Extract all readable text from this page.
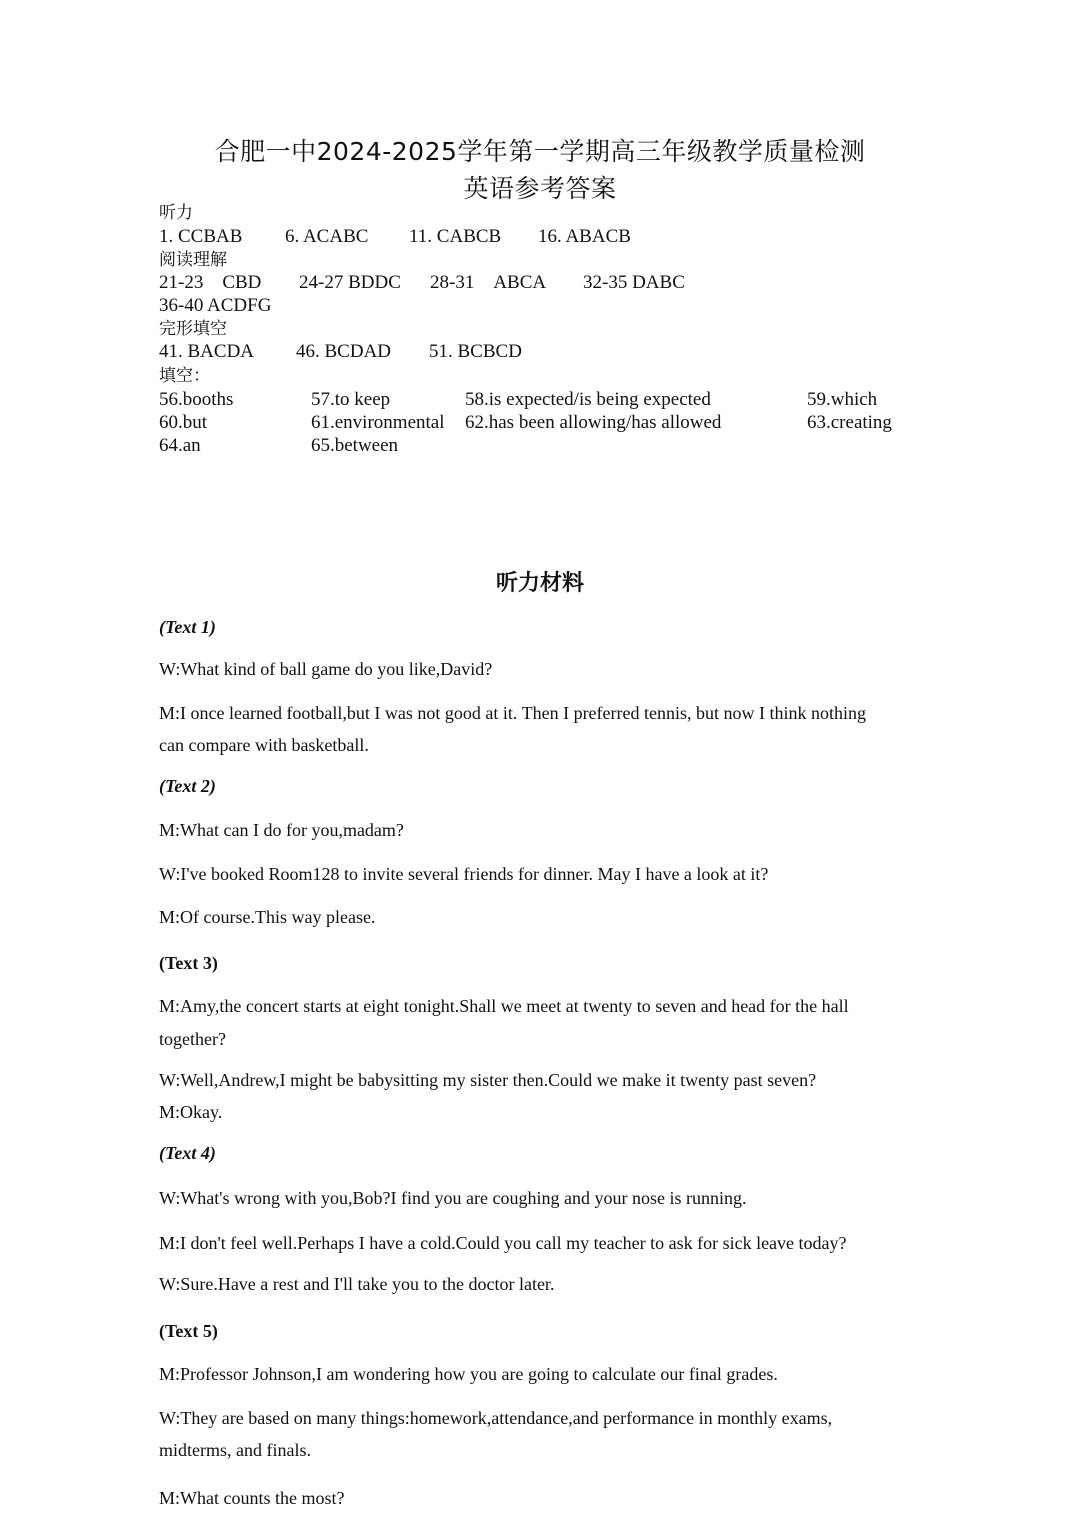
合肥一中2024-2025学年第一学期高三年级教学质量检测
英语参考答案
听力
1. CCBAB 6. ACABC 11. CABCB 16. ABACB
阅读理解
21-23　CBD 24-27 BDDC 28-31　ABCA 32-35 DABC
36-40 ACDFG
完形填空
41. BACDA 46. BCDAD 51. BCBCD
填空：
56.booths	57.to keep	58.is expected/is being expected	59.which
60.but	61.environmental 62.has been allowing/has allowed	63.creating
64.an	65.between
听力材料
(Text 1)
W:What kind of ball game do you like,David?
M:I once learned football,but I was not good at it. Then I preferred tennis, but now I think nothing
can compare with basketball.
(Text 2)
M:What can I do for you,madam?
W:I've booked Room128 to invite several friends for dinner. May I have a look at it?
M:Of course.This way please.
(Text 3)
M:Amy,the concert starts at eight tonight.Shall we meet at twenty to seven and head for the hall
together?
W:Well,Andrew,I might be babysitting my sister then.Could we make it twenty past seven?
M:Okay.
(Text 4)
W:What's wrong with you,Bob?I find you are coughing and your nose is running.
M:I don't feel well.Perhaps I have a cold.Could you call my teacher to ask for sick leave today?
W:Sure.Have a rest and I'll take you to the doctor later.
(Text 5)
M:Professor Johnson,I am wondering how you are going to calculate our final grades.
W:They are based on many things:homework,attendance,and performance in monthly exams,
midterms, and finals.
M:What counts the most?
